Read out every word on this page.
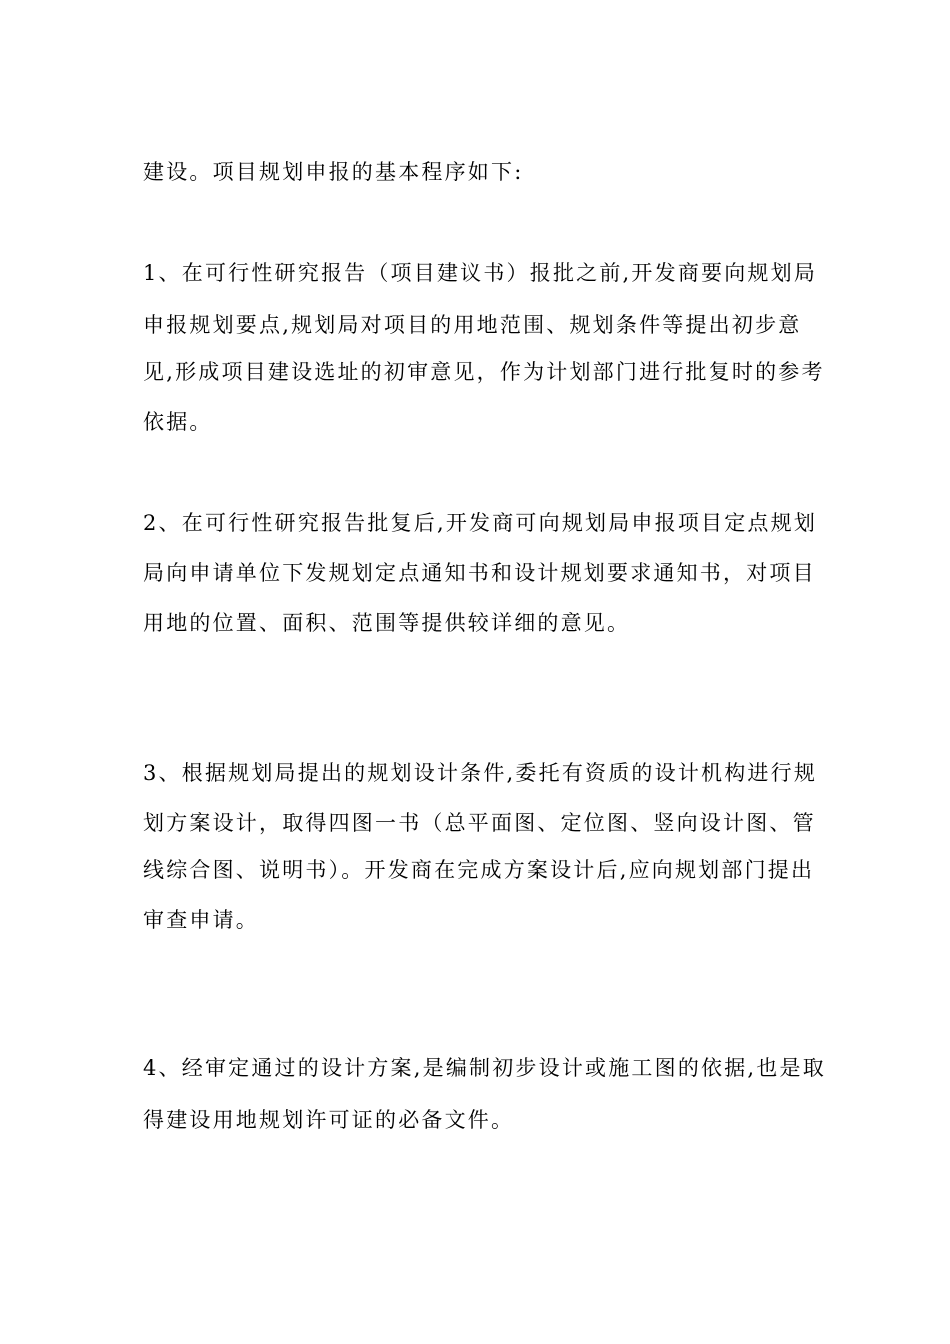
建设。项目规划申报的基本程序如下:
1、在可行性研究报告（项目建议书）报批之前,开发商要向规划局
申报规划要点,规划局对项目的用地范围、规划条件等提出初步意
见,形成项目建设选址的初审意见，作为计划部门进行批复时的参考
依据。
2、在可行性研究报告批复后,开发商可向规划局申报项目定点规划
局向申请单位下发规划定点通知书和设计规划要求通知书，对项目
用地的位置、面积、范围等提供较详细的意见。
3、根据规划局提出的规划设计条件,委托有资质的设计机构进行规
划方案设计，取得四图一书（总平面图、定位图、竖向设计图、管
线综合图、说明书）。开发商在完成方案设计后,应向规划部门提出
审查申请。
4、经审定通过的设计方案,是编制初步设计或施工图的依据,也是取
得建设用地规划许可证的必备文件。
